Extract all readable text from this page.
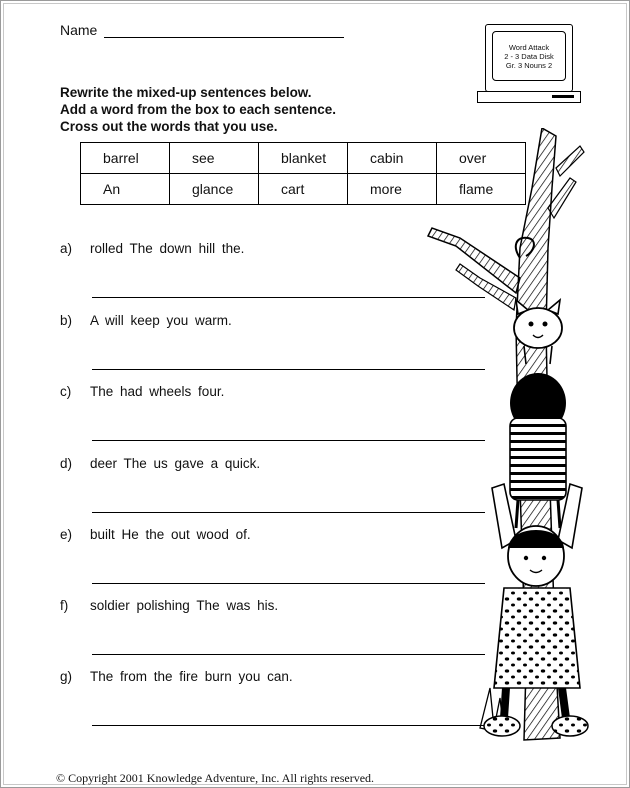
Name
Word Attack
2 - 3 Data Disk
Gr. 3 Nouns 2
Rewrite the mixed-up sentences below.
Add a word from the box to each sentence.
Cross out the words that you use.
barrel	see	blanket	cabin	over
An	glance	cart	more	flame
a) rolled The down hill the.
b) A will keep you warm.
c) The had wheels four.
d) deer The us gave a quick.
e) built He the out wood of.
f) soldier polishing The was his.
g) The from the fire burn you can.
© Copyright 2001 Knowledge Adventure, Inc. All rights reserved.
